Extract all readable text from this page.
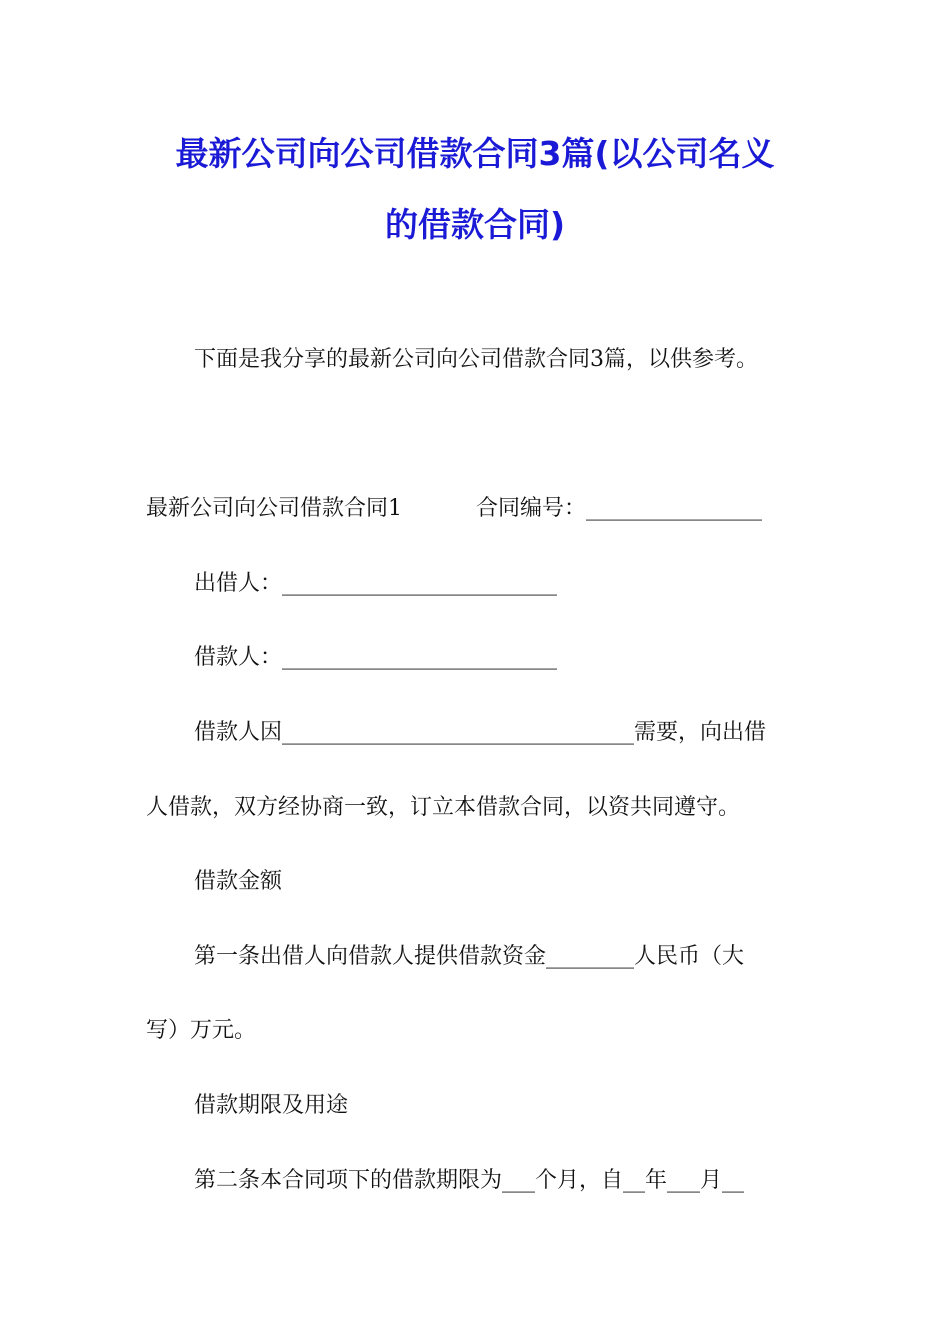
最新公司向公司借款合同3篇(以公司名义
的借款合同)
下面是我分享的最新公司向公司借款合同3篇，以供参考。
最新公司向公司借款合同1	合同编号：________________
出借人：_________________________
借款人：_________________________
借款人因________________________________需要，向出借
人借款，双方经协商一致，订立本借款合同，以资共同遵守。
借款金额
第一条出借人向借款人提供借款资金________人民币（大
写）万元。
借款期限及用途
第二条本合同项下的借款期限为___个月，自__年___月__
